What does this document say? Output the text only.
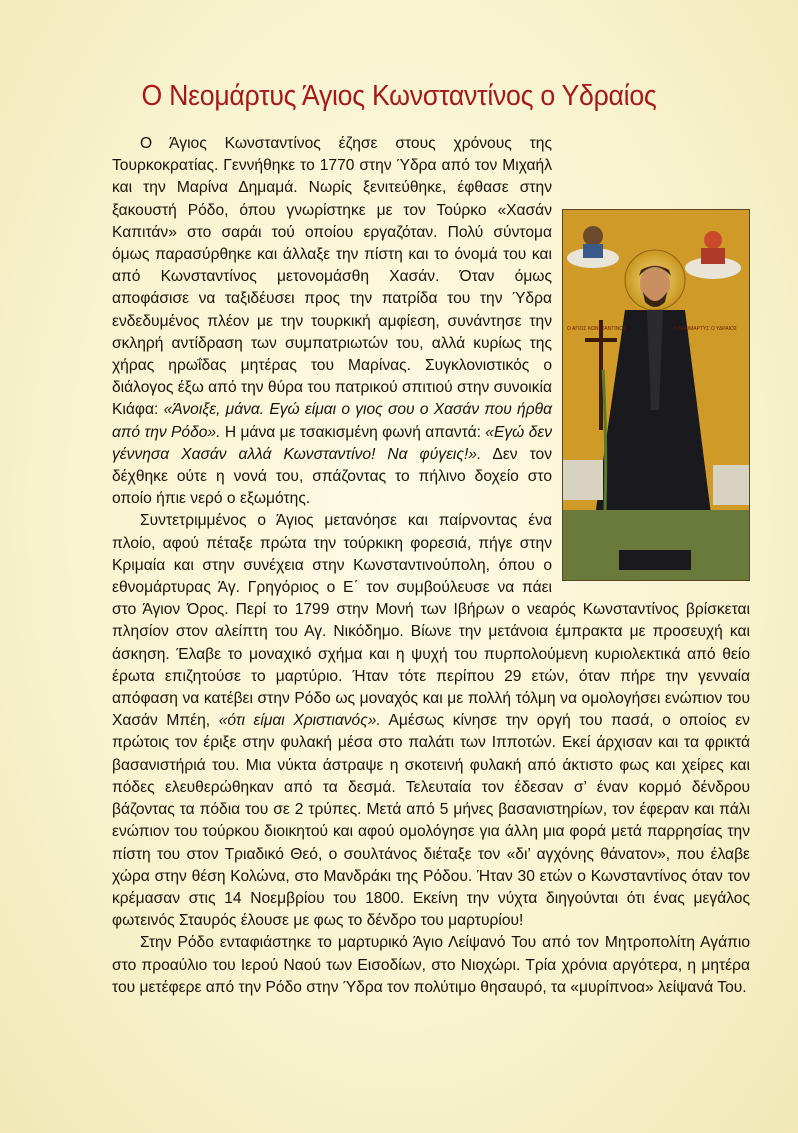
Ο Νεομάρτυς Άγιος Κωνσταντίνος ο Υδραίος

Ο ΑΓΙΟΣ ΚΩΝΣΤΑΝΤΙΝΟΣ	Ο ΝΕΟΜΑΡΤΥΣ Ο ΥΔΡΑΙΟΣ
Ο Άγιος Κωνσταντίνος έζησε στους χρόνους της Τουρκοκρατίας. Γεννήθηκε το 1770 στην Ύδρα από τον Μιχαήλ και την Μαρίνα Δημαμά. Νωρίς ξενιτεύθηκε, έφθασε στην ξακουστή Ρόδο, όπου γνωρίστηκε με τον Τούρκο «Χασάν Καπιτάν» στο σαράι τού οποίου εργαζόταν. Πολύ σύντομα όμως παρασύρθηκε και άλλαξε την πίστη και το όνομά του και από Κωνσταντίνος μετονομάσθη Χασάν. Όταν όμως αποφάσισε να ταξιδέυσει προς την πατρίδα του την Ύδρα ενδεδυμένος πλέον με την τουρκική αμφίεση, συνάντησε την σκληρή αντίδραση των συμπατριωτών του, αλλά κυρίως της χήρας ηρωΐδας μητέρας του Μαρίνας. Συγκλονιστικός ο διάλογος έξω από την θύρα του πατρικού σπιτιού στην συνοικία Κιάφα: «Άνοιξε, μάνα. Εγώ είμαι ο γιος σου ο Χασάν που ήρθα από την Ρόδο». Η μάνα με τσακισμένη φωνή απαντά: «Εγώ δεν γέννησα Χασάν αλλά Κωνσταντίνο! Να φύγεις!». Δεν τον δέχθηκε ούτε η νονά του, σπάζοντας το πήλινο δοχείο στο οποίο ήπιε νερό ο εξωμότης.

Συντετριμμένος ο Άγιος μετανόησε και παίρνοντας ένα πλοίο, αφού πέταξε πρώτα την τούρκικη φορεσιά, πήγε στην Κριμαία και στην συνέχεια στην Κωνσταντινούπολη, όπου ο εθνομάρτυρας Άγ. Γρηγόριος ο Ε΄ τον συμβούλευσε να πάει στο Άγιον Όρος. Περί το 1799 στην Μονή των Ιβήρων ο νεαρός Κωνσταντίνος βρίσκεται πλησίον στον αλείπτη του Αγ. Νικόδημο. Βίωνε την μετάνοια έμπρακτα με προσευχή και άσκηση. Έλαβε το μοναχικό σχήμα και η ψυχή του πυρπολούμενη κυριολεκτικά από θείο έρωτα επιζητούσε το μαρτύριο. Ήταν τότε περίπου 29 ετών, όταν πήρε την γενναία απόφαση να κατέβει στην Ρόδο ως μοναχός και με πολλή τόλμη να ομολογήσει ενώπιον του Χασάν Μπέη, «ότι είμαι Χριστιανός». Αμέσως κίνησε την οργή του πασά, ο οποίος εν πρώτοις τον έριξε στην φυλακή μέσα στο παλάτι των Ιπποτών. Εκεί άρχισαν και τα φρικτά βασανιστήριά του. Μια νύκτα άστραψε η σκοτεινή φυλακή από άκτιστο φως και χείρες και πόδες ελευθερώθηκαν από τα δεσμά. Τελευταία τον έδεσαν σ’ έναν κορμό δένδρου βάζοντας τα πόδια του σε 2 τρύπες. Μετά από 5 μήνες βασανιστηρίων, τον έφεραν και πάλι ενώπιον του τούρκου διοικητού και αφού ομολόγησε για άλλη μια φορά μετά παρρησίας την πίστη του στον Τριαδικό Θεό, ο σουλτάνος διέταξε τον «δι’ αγχόνης θάνατον», που έλαβε χώρα στην θέση Κολώνα, στο Μανδράκι της Ρόδου. Ήταν 30 ετών ο Κωνσταντίνος όταν τον κρέμασαν στις 14 Νοεμβρίου του 1800. Εκείνη την νύχτα διηγούνται ότι ένας μεγάλος φωτεινός Σταυρός έλουσε με φως το δένδρο του μαρτυρίου!

Στην Ρόδο ενταφιάστηκε το μαρτυρικό Άγιο Λείψανό Του από τον Μητροπολίτη Αγάπιο στο προαύλιο του Ιερού Ναού των Εισοδίων, στο Νιοχώρι. Τρία χρόνια αργότερα, η μητέρα του μετέφερε από την Ρόδο στην Ύδρα τον πολύτιμο θησαυρό, τα «μυρίπνοα» λείψανά Του.
